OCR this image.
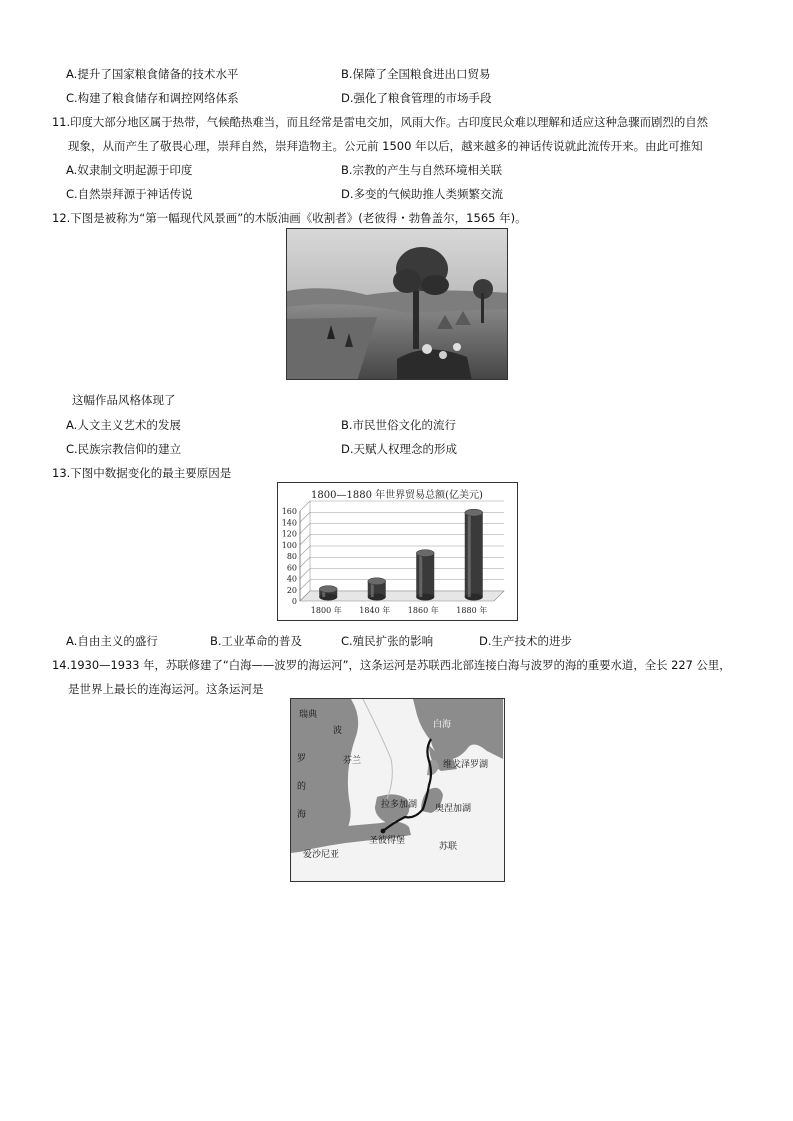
A.提升了国家粮食储备的技术水平	B.保障了全国粮食进出口贸易
C.构建了粮食储存和调控网络体系	D.强化了粮食管理的市场手段
11.印度大部分地区属于热带，气候酷热难当，而且经常是雷电交加，风雨大作。古印度民众难以理解和适应这种急骤而剧烈的自然
现象，从而产生了敬畏心理，崇拜自然，崇拜造物主。公元前 1500 年以后，越来越多的神话传说就此流传开来。由此可推知
A.奴隶制文明起源于印度	B.宗教的产生与自然环境相关联
C.自然崇拜源于神话传说	D.多变的气候助推人类频繁交流
12.下图是被称为“第一幅现代风景画”的木版油画《收割者》(老彼得・勃鲁盖尔，1565 年)。
这幅作品风格体现了
A.人文主义艺术的发展	B.市民世俗文化的流行
C.民族宗教信仰的建立	D.天赋人权理念的形成
13.下图中数据变化的最主要原因是
1800—1880 年世界贸易总额(亿美元)
0
20
40
60
80
100
120
140
160
1800 年 1840 年 1860 年 1880 年
A.自由主义的盛行	B.工业革命的普及	C.殖民扩张的影响	D.生产技术的进步
14.1930—1933 年，苏联修建了“白海——波罗的海运河”，这条运河是苏联西北部连接白海与波罗的海的重要水道，全长 227 公里，
是世界上最长的连海运河。这条运河是
瑞典
波
罗
的
海
白海
芬兰	维戈泽罗湖
拉多加湖 奥涅加湖
圣彼得堡
爱沙尼亚
苏联
